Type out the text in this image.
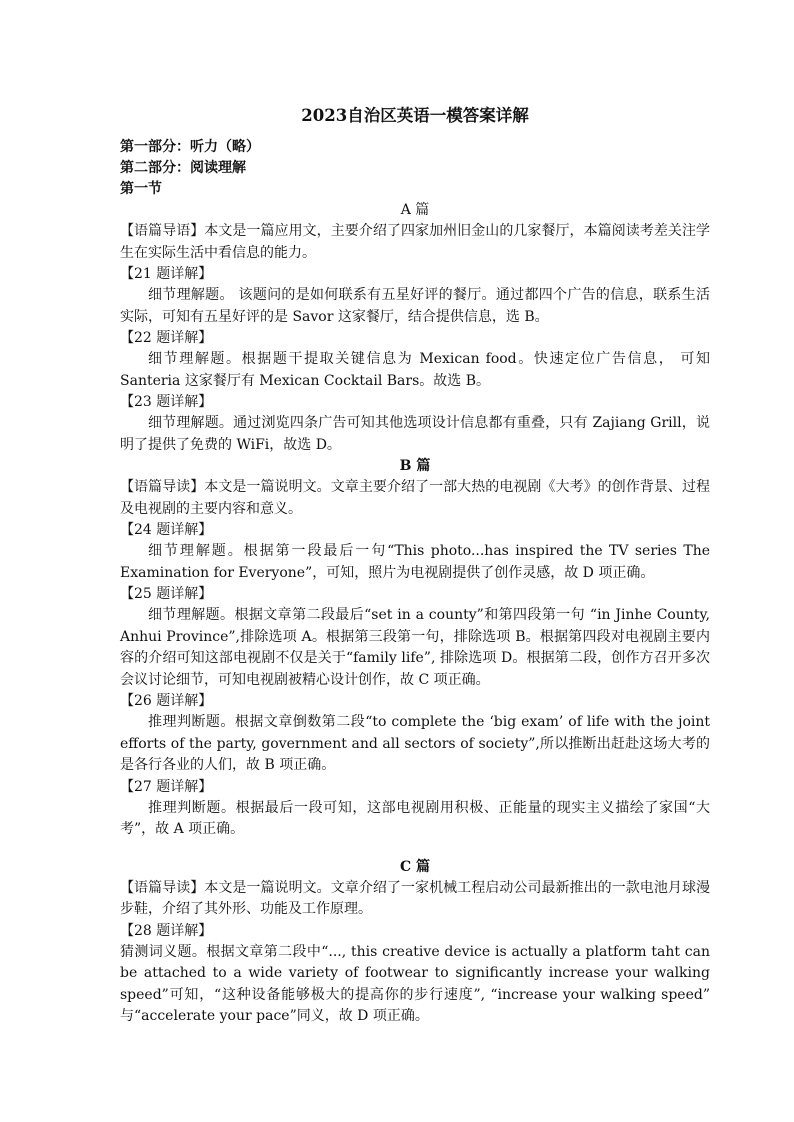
2023自治区英语一模答案详解
第一部分：听力（略）
第二部分：阅读理解
第一节
A 篇
【语篇导语】本文是一篇应用文，主要介绍了四家加州旧金山的几家餐厅，本篇阅读考差关注学生在实际生活中看信息的能力。
【21 题详解】
细节理解题。 该题问的是如何联系有五星好评的餐厅。通过都四个广告的信息，联系生活实际，可知有五星好评的是 Savor 这家餐厅，结合提供信息，选 B。
【22 题详解】
细节理解题。根据题干提取关键信息为 Mexican food。快速定位广告信息， 可知 Santeria 这家餐厅有 Mexican Cocktail Bars。故选 B。
【23 题详解】
细节理解题。通过浏览四条广告可知其他选项设计信息都有重叠，只有 Zajiang Grill，说明了提供了免费的 WiFi，故选 D。
B 篇
【语篇导读】本文是一篇说明文。文章主要介绍了一部大热的电视剧《大考》的创作背景、过程及电视剧的主要内容和意义。
【24 题详解】
细节理解题。根据第一段最后一句“This photo...has inspired the TV series The Examination for Everyone”，可知，照片为电视剧提供了创作灵感，故 D 项正确。
【25 题详解】
细节理解题。根据文章第二段最后“set in a county”和第四段第一句 “in Jinhe County, Anhui Province”,排除选项 A。根据第三段第一句，排除选项 B。根据第四段对电视剧主要内容的介绍可知这部电视剧不仅是关于“family life”, 排除选项 D。根据第二段，创作方召开多次会议讨论细节，可知电视剧被精心设计创作，故 C 项正确。
【26 题详解】
推理判断题。根据文章倒数第二段“to complete the ‘big exam’ of life with the joint efforts of the party, government and all sectors of society”,所以推断出赶赴这场大考的是各行各业的人们，故 B 项正确。
【27 题详解】
推理判断题。根据最后一段可知，这部电视剧用积极、正能量的现实主义描绘了家国“大考”，故 A 项正确。
C 篇
【语篇导读】本文是一篇说明文。文章介绍了一家机械工程启动公司最新推出的一款电池月球漫步鞋，介绍了其外形、功能及工作原理。
【28 题详解】
猜测词义题。根据文章第二段中“..., this creative device is actually a platform taht can be attached to a wide variety of footwear to significantly increase your walking speed”可知，“这种设备能够极大的提高你的步行速度”, “increase your walking speed” 与“accelerate your pace”同义，故 D 项正确。
